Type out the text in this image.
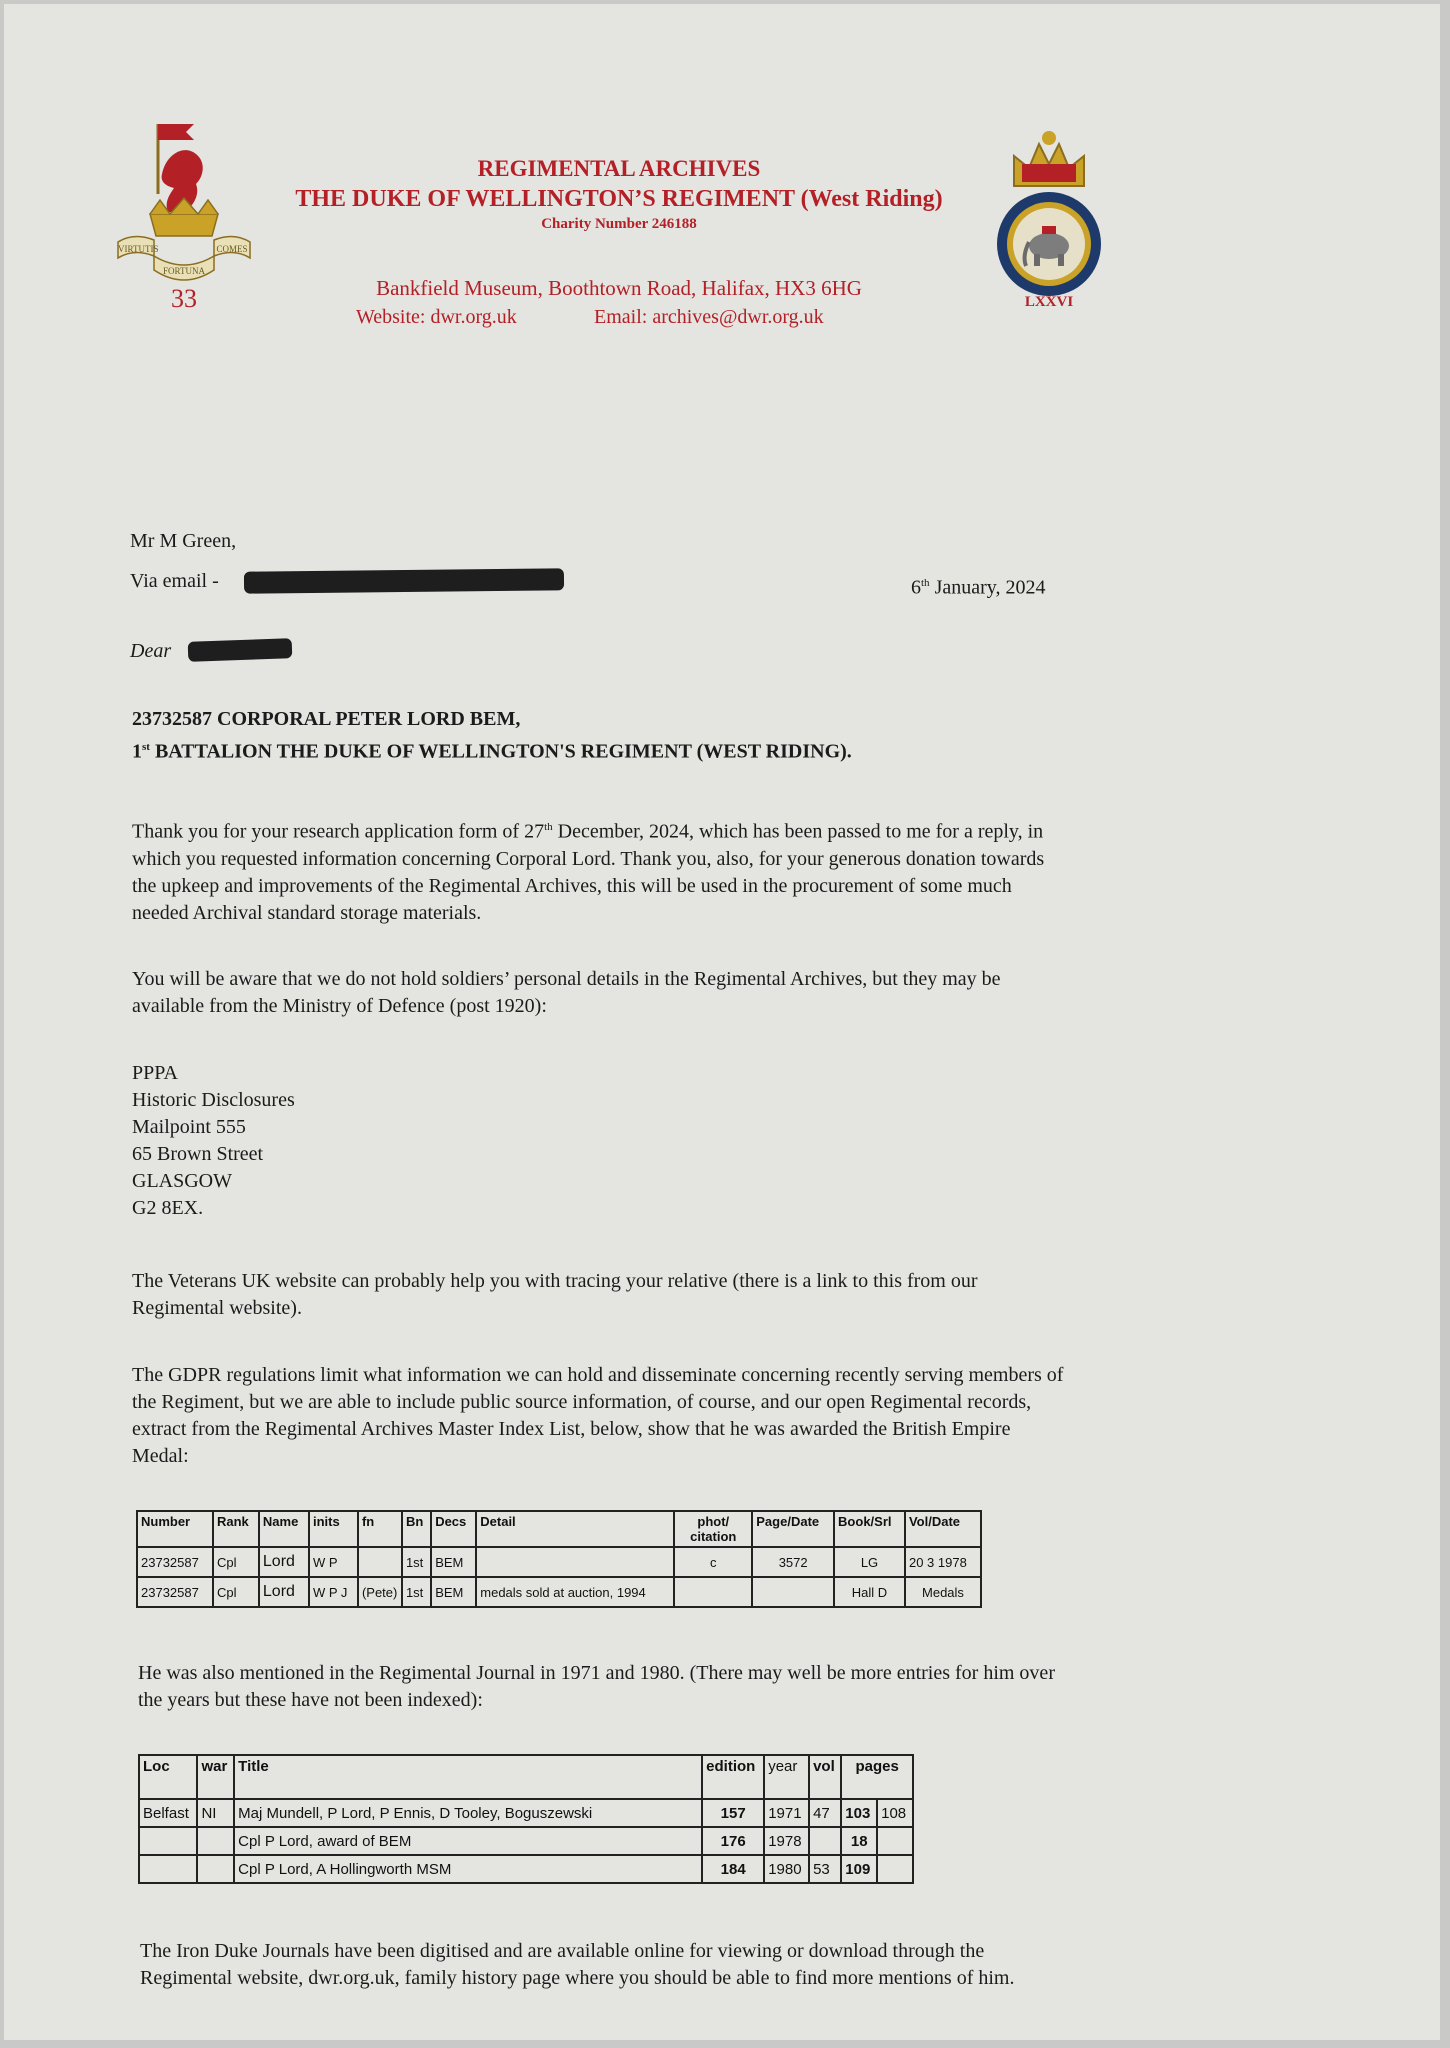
VIRTUTIS	COMES
FORTUNA
33
REGIMENTAL ARCHIVES
THE DUKE OF WELLINGTON’S REGIMENT (West Riding)
Charity Number 246188
Bankfield Museum, Boothtown Road, Halifax, HX3 6HG
Website: dwr.org.uk	Email: archives@dwr.org.uk
LXXVI
Mr M Green,
Via email -	6th January, 2024
Dear
23732587 CORPORAL PETER LORD BEM,
1st BATTALION THE DUKE OF WELLINGTON'S REGIMENT (WEST RIDING).
Thank you for your research application form of 27th December, 2024, which has been passed to me for a reply, in which you requested information concerning Corporal Lord. Thank you, also, for your generous donation towards the upkeep and improvements of the Regimental Archives, this will be used in the procurement of some much needed Archival standard storage materials.
You will be aware that we do not hold soldiers’ personal details in the Regimental Archives, but they may be available from the Ministry of Defence (post 1920):
PPPA
Historic Disclosures
Mailpoint 555
65 Brown Street
GLASGOW
G2 8EX.
The Veterans UK website can probably help you with tracing your relative (there is a link to this from our Regimental website).
The GDPR regulations limit what information we can hold and disseminate concerning recently serving members of the Regiment, but we are able to include public source information, of course, and our open Regimental records, extract from the Regimental Archives Master Index List, below, show that he was awarded the British Empire Medal:
Number	Rank	Name	inits	fn	Bn	Decs	Detail	phot/ citation	Page/Date	Book/Srl	Vol/Date
23732587	Cpl	Lord	W P		1st	BEM		c	3572	LG	20 3 1978
23732587	Cpl	Lord	W P J	(Pete)	1st	BEM	medals sold at auction, 1994			Hall D	Medals
He was also mentioned in the Regimental Journal in 1971 and 1980. (There may well be more entries for him over the years but these have not been indexed):
Loc	war	Title	edition	year	vol	pages	
Belfast	NI	Maj Mundell, P Lord, P Ennis, D Tooley, Boguszewski	157	1971	47	103	108
		Cpl P Lord, award of BEM	176	1978		18	
		Cpl P Lord, A Hollingworth MSM	184	1980	53	109	
The Iron Duke Journals have been digitised and are available online for viewing or download through the Regimental website, dwr.org.uk, family history page where you should be able to find more mentions of him.
